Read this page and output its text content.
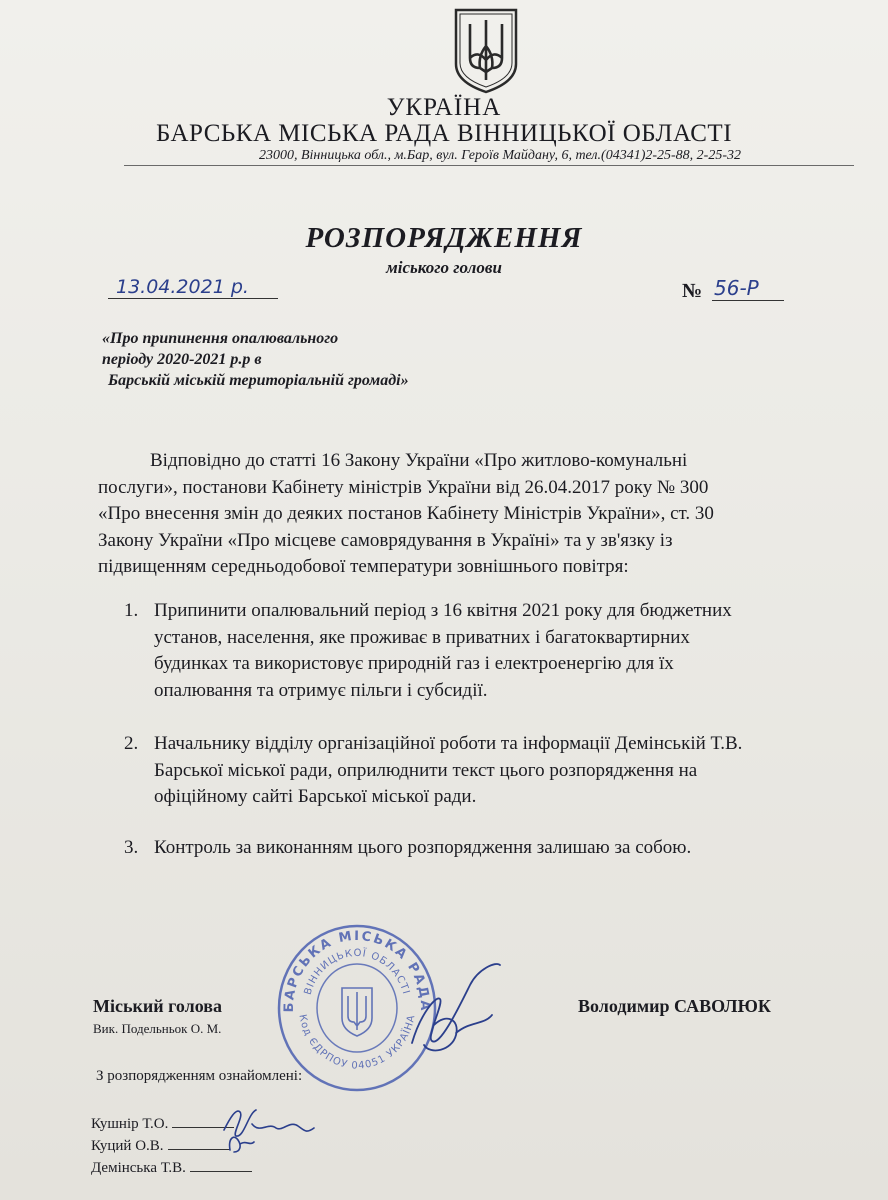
УКРАЇНА
БАРСЬКА МІСЬКА РАДА ВІННИЦЬКОЇ ОБЛАСТІ
23000, Вінницька обл., м.Бар, вул. Героїв Майдану, 6, тел.(04341)2-25-88, 2-25-32
РОЗПОРЯДЖЕННЯ
міського голови
13.04.2021 р.	№ 56-Р
«Про припинення опалювального
періоду 2020-2021 р.р в
Барській міській територіальній громаді»
Відповідно до статті 16 Закону України «Про житлово-комунальні
послуги», постанови Кабінету міністрів України від 26.04.2017 року № 300
«Про внесення змін до деяких постанов Кабінету Міністрів України», ст. 30
Закону України «Про місцеве самоврядування в Україні» та у зв'язку із
підвищенням середньодобової температури зовнішнього повітря:
1. Припинити опалювальний період з 16 квітня 2021 року для бюджетних
установ, населення, яке проживає в приватних і багатоквартирних
будинках та використовує природній газ і електроенергію для їх
опалювання та отримує пільги і субсидії.
2. Начальнику відділу організаційної роботи та інформації Демінській Т.В.
Барської міської ради, оприлюднити текст цього розпорядження на
офіційному сайті Барської міської ради.
3. Контроль за виконанням цього розпорядження залишаю за собою.
БАРСЬКА МІСЬКА РАДА
ВІННИЦЬКОЇ ОБЛАСТІ
Код ЄДРПОУ 04051 УКРАЇНА
Міський голова
Вик. Подельньок О. М.
Володимир САВОЛЮК
З розпорядженням ознайомлені:
Кушнір Т.О.
Куций О.В.
Демінська Т.В.
